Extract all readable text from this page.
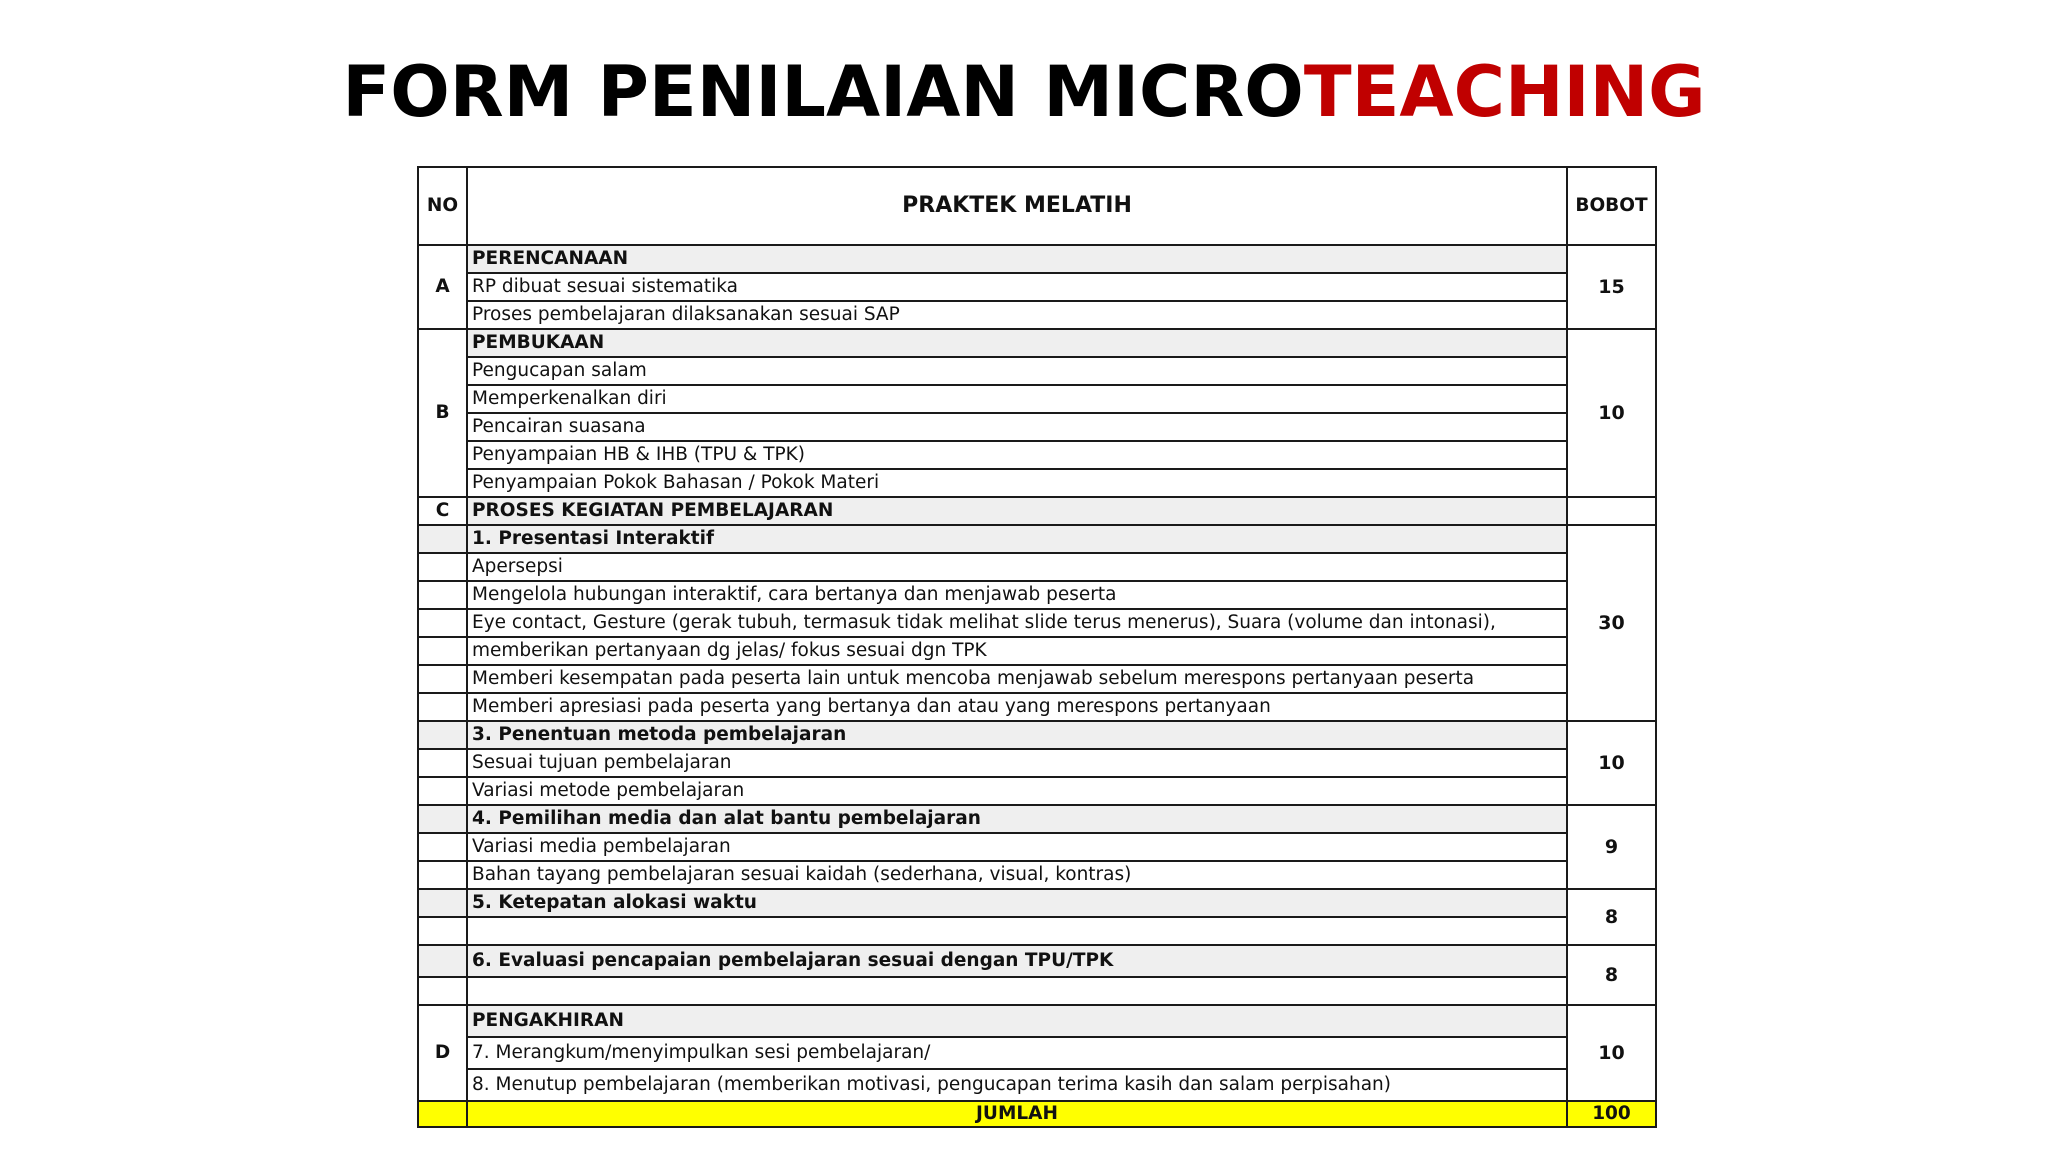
FORM PENILAIAN MICROTEACHING
NO	PRAKTEK MELATIH	BOBOT
A	PERENCANAAN	15
	RP dibuat sesuai sistematika	
	Proses pembelajaran dilaksanakan sesuai SAP	
B	PEMBUKAAN	10
	Pengucapan salam	
	Memperkenalkan diri	
	Pencairan suasana	
	Penyampaian HB & IHB (TPU & TPK)	
	Penyampaian Pokok Bahasan / Pokok Materi	
C	PROSES KEGIATAN PEMBELAJARAN	
	1. Presentasi Interaktif	30
	Apersepsi	
	Mengelola hubungan interaktif, cara bertanya dan menjawab peserta	
	Eye contact, Gesture (gerak tubuh, termasuk tidak melihat slide terus menerus), Suara (volume dan intonasi),	
	memberikan pertanyaan dg jelas/ fokus sesuai dgn TPK	
	Memberi kesempatan pada peserta lain untuk mencoba menjawab sebelum merespons pertanyaan peserta	
	Memberi apresiasi pada peserta yang bertanya dan atau yang merespons pertanyaan	
	3. Penentuan metoda pembelajaran	10
	Sesuai tujuan pembelajaran	
	Variasi metode pembelajaran	
	4. Pemilihan media dan alat bantu pembelajaran	9
	Variasi media pembelajaran	
	Bahan tayang pembelajaran sesuai kaidah (sederhana, visual, kontras)	
	5. Ketepatan alokasi waktu	8

	6. Evaluasi pencapaian pembelajaran sesuai dengan TPU/TPK	8

D	PENGAKHIRAN	10
	7. Merangkum/menyimpulkan sesi pembelajaran/	
	8. Menutup pembelajaran (memberikan motivasi, pengucapan terima kasih dan salam perpisahan)	
	JUMLAH	100
